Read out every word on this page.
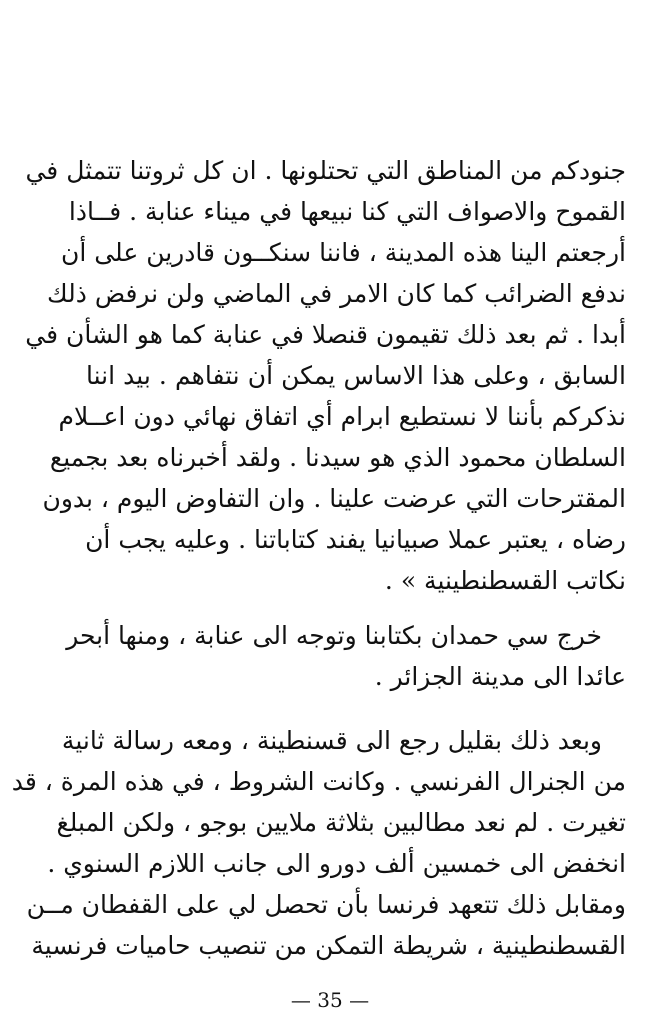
جنودكم من المناطق التي تحتلونها . ان كل ثروتنا تتمثل في
القموح والاصواف التي كنا نبيعها في ميناء عنابة . فــاذا
أرجعتم الينا هذه المدينة ، فاننا سنكــون قادرين على أن
ندفع الضرائب كما كان الامر في الماضي ولن نرفض ذلك
أبدا . ثم بعد ذلك تقيمون قنصلا في عنابة كما هو الشأن في
السابق ، وعلى هذا الاساس يمكن أن نتفاهم . بيد اننا
نذكركم بأننا لا نستطيع ابرام أي اتفاق نهائي دون اعــلام
السلطان محمود الذي هو سيدنا . ولقد أخبرناه بعد بجميع
المقترحات التي عرضت علينا . وان التفاوض اليوم ، بدون
رضاه ، يعتبر عملا صبيانيا يفند كتاباتنا . وعليه يجب أن
نكاتب القسطنطينية » .
خرج سي حمدان بكتابنا وتوجه الى عنابة ، ومنها أبحر
عائدا الى مدينة الجزائر .
وبعد ذلك بقليل رجع الى قسنطينة ، ومعه رسالة ثانية
من الجنرال الفرنسي . وكانت الشروط ، في هذه المرة ، قد
تغيرت . لم نعد مطالبين بثلاثة ملايين بوجو ، ولكن المبلغ
انخفض الى خمسين ألف دورو الى جانب اللازم السنوي .
ومقابل ذلك تتعهد فرنسا بأن تحصل لي على القفطان مــن
القسطنطينية ، شريطة التمكن من تنصيب حاميات فرنسية
— 35 —
